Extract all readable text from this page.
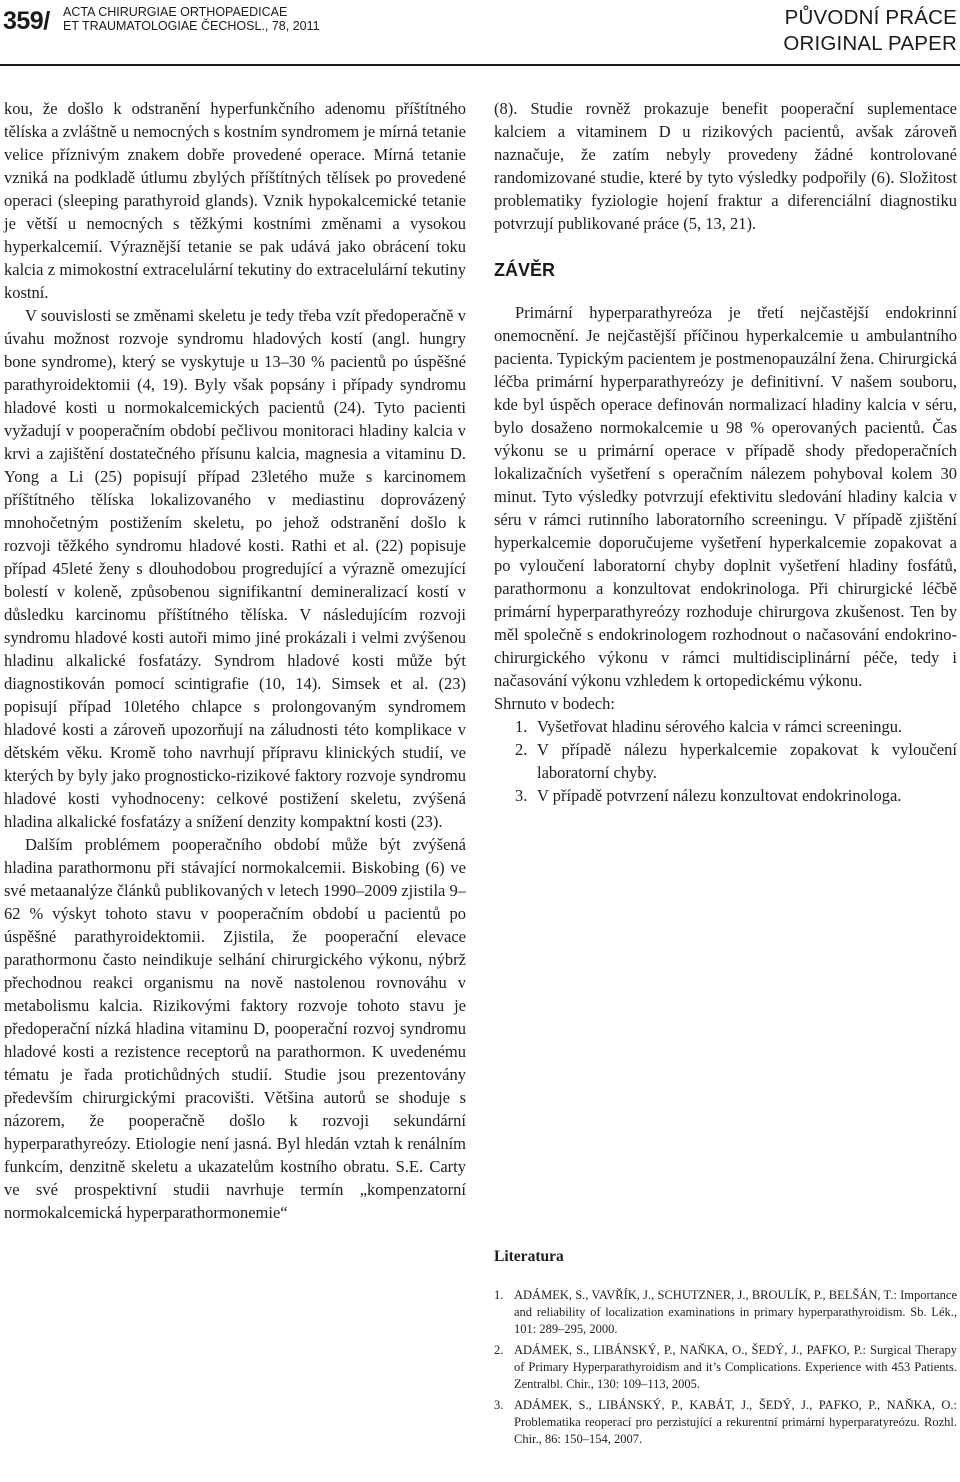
359/ ACTA CHIRURGIAE ORTHOPAEDICAE
ET TRAUMATOLOGIAE ČECHOSL., 78, 2011	PŮVODNÍ PRÁCE
ORIGINAL PAPER

kou, že došlo k odstranění hyperfunkčního adenomu příštítného tělíska a zvláštně u nemocných s kostním syndromem je mírná tetanie velice příznivým znakem dobře provedené operace. Mírná tetanie vzniká na podkladě útlumu zbylých příštítných tělísek po provedené operaci (sleeping parathyroid glands). Vznik hypokalcemické tetanie je větší u nemocných s těžkými kostními změnami a vysokou hyperkalcemií. Výraznější tetanie se pak udává jako obrácení toku kalcia z mimokostní extracelulární tekutiny do extracelulární tekutiny kostní.

V souvislosti se změnami skeletu je tedy třeba vzít předoperačně v úvahu možnost rozvoje syndromu hladových kostí (angl. hungry bone syndrome), který se vyskytuje u 13–30 % pacientů po úspěšné parathyroidektomii (4, 19). Byly však popsány i případy syndromu hladové kosti u normokalcemických pacientů (24). Tyto pacienti vyžadují v pooperačním období pečlivou monitoraci hladiny kalcia v krvi a zajištění dostatečného přísunu kalcia, magnesia a vitaminu D. Yong a Li (25) popisují případ 23letého muže s karcinomem příštítného tělíska lokalizovaného v mediastinu doprovázený mnohočetným postižením skeletu, po jehož odstranění došlo k rozvoji těžkého syndromu hladové kosti. Rathi et al. (22) popisuje případ 45leté ženy s dlouhodobou progredující a výrazně omezující bolestí v koleně, způsobenou signifikantní demineralizací kostí v důsledku karcinomu příštítného tělíska. V následujícím rozvoji syndromu hladové kosti autoři mimo jiné prokázali i velmi zvýšenou hladinu alkalické fosfatázy. Syndrom hladové kosti může být diagnostikován pomocí scintigrafie (10, 14). Simsek et al. (23) popisují případ 10letého chlapce s prolongovaným syndromem hladové kosti a zároveň upozorňují na záludnosti této komplikace v dětském věku. Kromě toho navrhují přípravu klinických studií, ve kterých by byly jako prognosticko-rizikové faktory rozvoje syndromu hladové kosti vyhodnoceny: celkové postižení skeletu, zvýšená hladina alkalické fosfatázy a snížení denzity kompaktní kosti (23).

Dalším problémem pooperačního období může být zvýšená hladina parathormonu při stávající normokalcemii. Biskobing (6) ve své metaanalýze článků publikovaných v letech 1990–2009 zjistila 9–62 % výskyt tohoto stavu v pooperačním období u pacientů po úspěšné parathyroidektomii. Zjistila, že pooperační elevace parathormonu často neindikuje selhání chirurgického výkonu, nýbrž přechodnou reakci organismu na nově nastolenou rovnováhu v metabolismu kalcia. Rizikovými faktory rozvoje tohoto stavu je předoperační nízká hladina vitaminu D, pooperační rozvoj syndromu hladové kosti a rezistence receptorů na parathormon. K uvedenému tématu je řada protichůdných studií. Studie jsou prezentovány především chirurgickými pracovišti. Většina autorů se shoduje s názorem, že pooperačně došlo k rozvoji sekundární hyperparathyreózy. Etiologie není jasná. Byl hledán vztah k renálním funkcím, denzitně skeletu a ukazatelům kostního obratu. S.E. Carty ve své prospektivní studii navrhuje termín „kompenzatorní normokalcemická hyperparathormonemie“

(8). Studie rovněž prokazuje benefit pooperační suplementace kalciem a vitaminem D u rizikových pacientů, avšak zároveň naznačuje, že zatím nebyly provedeny žádné kontrolované randomizované studie, které by tyto výsledky podpořily (6). Složitost problematiky fyziologie hojení fraktur a diferenciální diagnostiku potvrzují publikované práce (5, 13, 21).

ZÁVĚR

Primární hyperparathyreóza je třetí nejčastější endokrinní onemocnění. Je nejčastější příčinou hyperkalcemie u ambulantního pacienta. Typickým pacientem je postmenopauzální žena. Chirurgická léčba primární hyperparathyreózy je definitivní. V našem souboru, kde byl úspěch operace definován normalizací hladiny kalcia v séru, bylo dosaženo normokalcemie u 98 % operovaných pacientů. Čas výkonu se u primární operace v případě shody předoperačních lokalizačních vyšetření s operačním nálezem pohyboval kolem 30 minut. Tyto výsledky potvrzují efektivitu sledování hladiny kalcia v séru v rámci rutinního laboratorního screeningu. V případě zjištění hyperkalcemie doporučujeme vyšetření hyperkalcemie zopakovat a po vyloučení laboratorní chyby doplnit vyšetření hladiny fosfátů, parathormonu a konzultovat endokrinologa. Při chirurgické léčbě primární hyperparathyreózy rozhoduje chirurgova zkušenost. Ten by měl společně s endokrinologem rozhodnout o načasování endokrino-chirurgického výkonu v rámci multidisciplinární péče, tedy i načasování výkonu vzhledem k ortopedickému výkonu.

Shrnuto v bodech:

1. Vyšetřovat hladinu sérového kalcia v rámci screeningu.
2. V případě nálezu hyperkalcemie zopakovat k vyloučení laboratorní chyby.
3. V případě potvrzení nálezu konzultovat endokrinologa.
Literatura
1. ADÁMEK, S., VAVŘÍK, J., SCHUTZNER, J., BROULÍK, P., BELŠÁN, T.: Importance and reliability of localization examinations in primary hyperparathyroidism. Sb. Lék., 101: 289–295, 2000.
2. ADÁMEK, S., LIBÁNSKÝ, P., NAŇKA, O., ŠEDÝ, J., PAFKO, P.: Surgical Therapy of Primary Hyperparathyroidism and it’s Complications. Experience with 453 Patients. Zentralbl. Chir., 130: 109–113, 2005.
3. ADÁMEK, S., LIBÁNSKÝ, P., KABÁT, J., ŠEDÝ, J., PAFKO, P., NAŇKA, O.: Problematika reoperací pro perzistující a rekurentní primární hyperparatyreózu. Rozhl. Chir., 86: 150–154, 2007.
